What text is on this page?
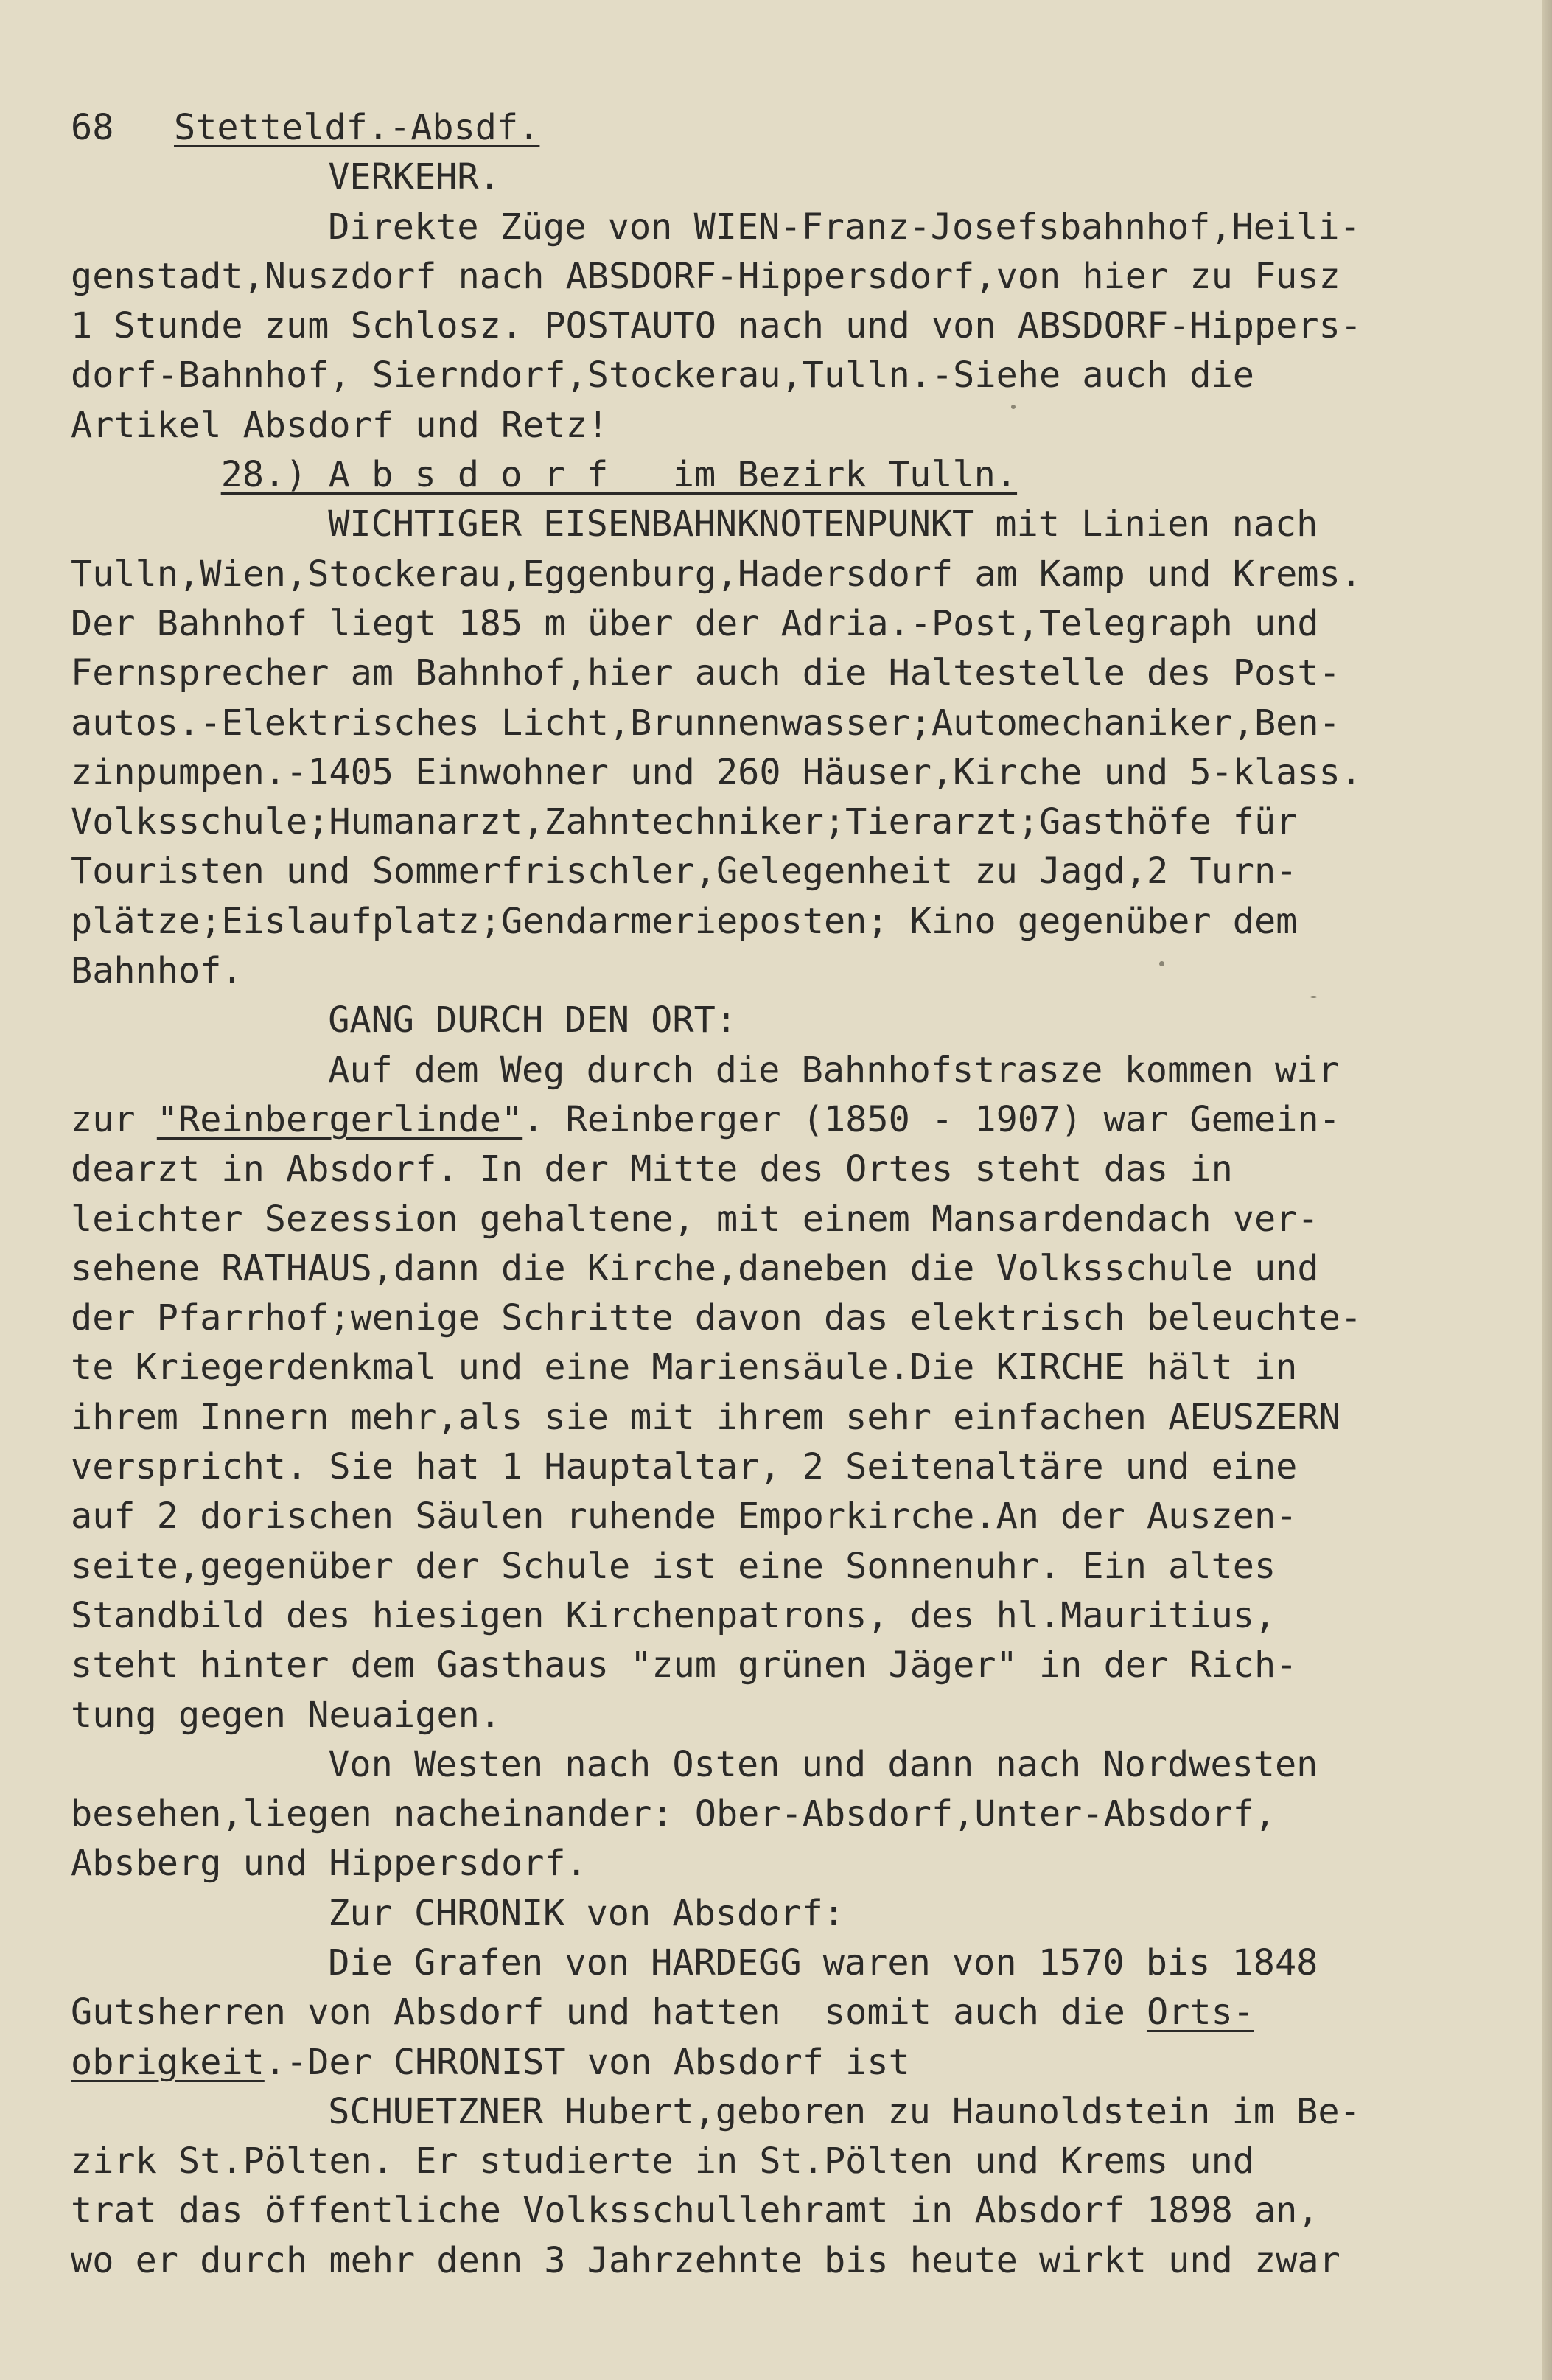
68	Stetteldf.-Absdf.
VERKEHR.
Direkte Züge von WIEN-Franz-Josefsbahnhof,Heili-
genstadt,Nuszdorf nach ABSDORF-Hippersdorf,von hier zu Fusz
1 Stunde zum Schlosz. POSTAUTO nach und von ABSDORF-Hippers-
dorf-Bahnhof, Sierndorf,Stockerau,Tulln.-Siehe auch die
Artikel Absdorf und Retz!
28.) A b s d o r f   im Bezirk Tulln.
WICHTIGER EISENBAHNKNOTENPUNKT mit Linien nach
Tulln,Wien,Stockerau,Eggenburg,Hadersdorf am Kamp und Krems.
Der Bahnhof liegt 185 m über der Adria.-Post,Telegraph und
Fernsprecher am Bahnhof,hier auch die Haltestelle des Post-
autos.-Elektrisches Licht,Brunnenwasser;Automechaniker,Ben-
zinpumpen.-1405 Einwohner und 260 Häuser,Kirche und 5-klass.
Volksschule;Humanarzt,Zahntechniker;Tierarzt;Gasthöfe für
Touristen und Sommerfrischler,Gelegenheit zu Jagd,2 Turn-
plätze;Eislaufplatz;Gendarmerieposten; Kino gegenüber dem
Bahnhof.
GANG DURCH DEN ORT:
Auf dem Weg durch die Bahnhofstrasze kommen wir
zur "Reinbergerlinde". Reinberger (1850 - 1907) war Gemein-
dearzt in Absdorf. In der Mitte des Ortes steht das in
leichter Sezession gehaltene, mit einem Mansardendach ver-
sehene RATHAUS,dann die Kirche,daneben die Volksschule und
der Pfarrhof;wenige Schritte davon das elektrisch beleuchte-
te Kriegerdenkmal und eine Mariensäule.Die KIRCHE hält in
ihrem Innern mehr,als sie mit ihrem sehr einfachen AEUSZERN
verspricht. Sie hat 1 Hauptaltar, 2 Seitenaltäre und eine
auf 2 dorischen Säulen ruhende Emporkirche.An der Auszen-
seite,gegenüber der Schule ist eine Sonnenuhr. Ein altes
Standbild des hiesigen Kirchenpatrons, des hl.Mauritius,
steht hinter dem Gasthaus "zum grünen Jäger" in der Rich-
tung gegen Neuaigen.
Von Westen nach Osten und dann nach Nordwesten
besehen,liegen nacheinander: Ober-Absdorf,Unter-Absdorf,
Absberg und Hippersdorf.
Zur CHRONIK von Absdorf:
Die Grafen von HARDEGG waren von 1570 bis 1848
Gutsherren von Absdorf und hatten  somit auch die Orts-
obrigkeit.-Der CHRONIST von Absdorf ist
SCHUETZNER Hubert,geboren zu Haunoldstein im Be-
zirk St.Pölten. Er studierte in St.Pölten und Krems und
trat das öffentliche Volksschullehramt in Absdorf 1898 an,
wo er durch mehr denn 3 Jahrzehnte bis heute wirkt und zwar
